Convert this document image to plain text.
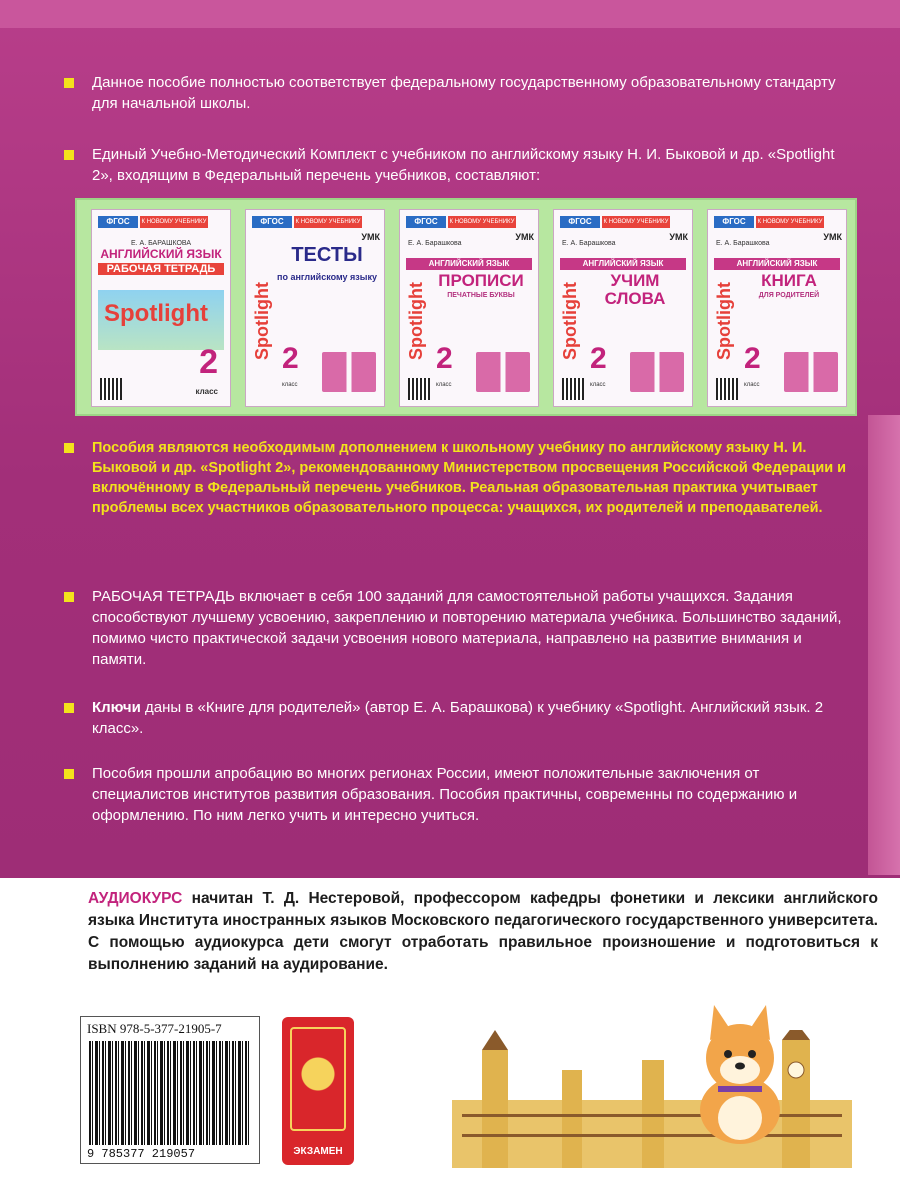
Данное пособие полностью соответствует федеральному государственному образовательному стандарту для начальной школы.
Единый Учебно-Методический Комплект с учебником по английскому языку Н. И. Быковой и др. «Spotlight 2», входящим в Федеральный перечень учебников, составляют:
ФГОС	К НОВОМУ УЧЕБНИКУ
Е. А. БАРАШКОВА
АНГЛИЙСКИЙ ЯЗЫК
РАБОЧАЯ ТЕТРАДЬ
Spotlight
2
класс
ФГОС	К НОВОМУ УЧЕБНИКУ
УМК
ТЕСТЫ
по английскому языку
Spotlight 2
класс
ФГОС	К НОВОМУ УЧЕБНИКУ
УМК
Е. А. Барашкова
АНГЛИЙСКИЙ ЯЗЫК
ПРОПИСИ
ПЕЧАТНЫЕ БУКВЫ
Spotlight 2
класс
ФГОС	К НОВОМУ УЧЕБНИКУ
УМК
Е. А. Барашкова
АНГЛИЙСКИЙ ЯЗЫК
УЧИМ СЛОВА
Spotlight 2
класс
ФГОС	К НОВОМУ УЧЕБНИКУ
УМК
Е. А. Барашкова
АНГЛИЙСКИЙ ЯЗЫК
КНИГА
ДЛЯ РОДИТЕЛЕЙ
Spotlight 2
класс
Пособия являются необходимым дополнением к школьному учебнику по английскому языку Н. И. Быковой и др. «Spotlight 2», рекомендованному Министерством просвещения Российской Федерации и включённому в Федеральный перечень учебников. Реальная образовательная практика учитывает проблемы всех участников образовательного процесса: учащихся, их родителей и преподавателей.
РАБОЧАЯ ТЕТРАДЬ включает в себя 100 заданий для самостоятельной работы учащихся. Задания способствуют лучшему усвоению, закреплению и повторению материала учебника. Большинство заданий, помимо чисто практической задачи усвоения нового материала, направлено на развитие внимания и памяти.
Ключи даны в «Книге для родителей» (автор Е. А. Барашкова) к учебнику «Spotlight. Английский язык. 2 класс».
Пособия прошли апробацию во многих регионах России, имеют положительные заключения от специалистов институтов развития образования. Пособия практичны, современны по содержанию и оформлению. По ним легко учить и интересно учиться.
АУДИОКУРС начитан Т. Д. Нестеровой, профессором кафедры фонетики и лексики английского языка Института иностранных языков Московского педагогического государственного университета. С помощью аудиокурса дети смогут отработать правильное произношение и подготовиться к выполнению заданий на аудирование.
ISBN 978-5-377-21905-7
9 785377 219057	ЭКЗАМЕН
